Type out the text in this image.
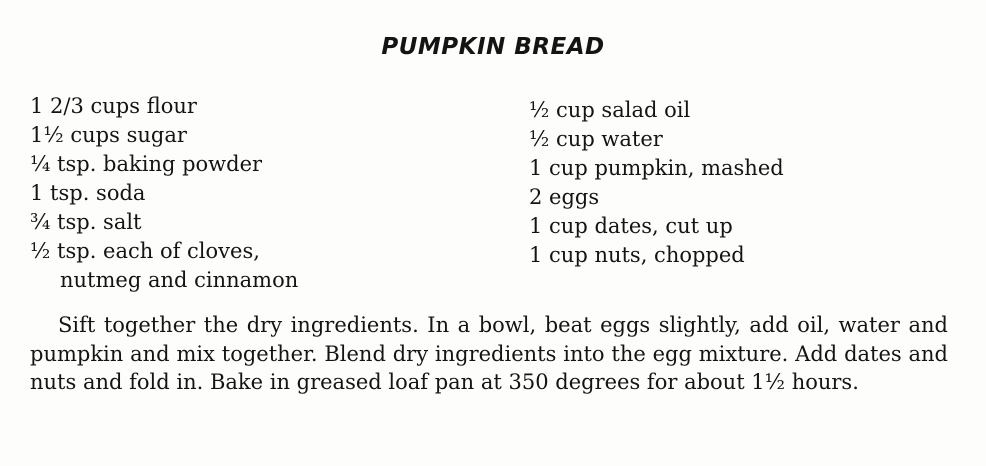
PUMPKIN BREAD
1 2/3 cups flour
1½ cups sugar
¼ tsp. baking powder
1 tsp. soda
¾ tsp. salt
½ tsp. each of cloves,
nutmeg and cinnamon
½ cup salad oil
½ cup water
1 cup pumpkin, mashed
2 eggs
1 cup dates, cut up
1 cup nuts, chopped

Sift together the dry ingredients. In a bowl, beat eggs slightly, add oil, water and pumpkin and mix together. Blend dry ingredients into the egg mixture. Add dates and nuts and fold in. Bake in greased loaf pan at 350 degrees for about 1½ hours.
